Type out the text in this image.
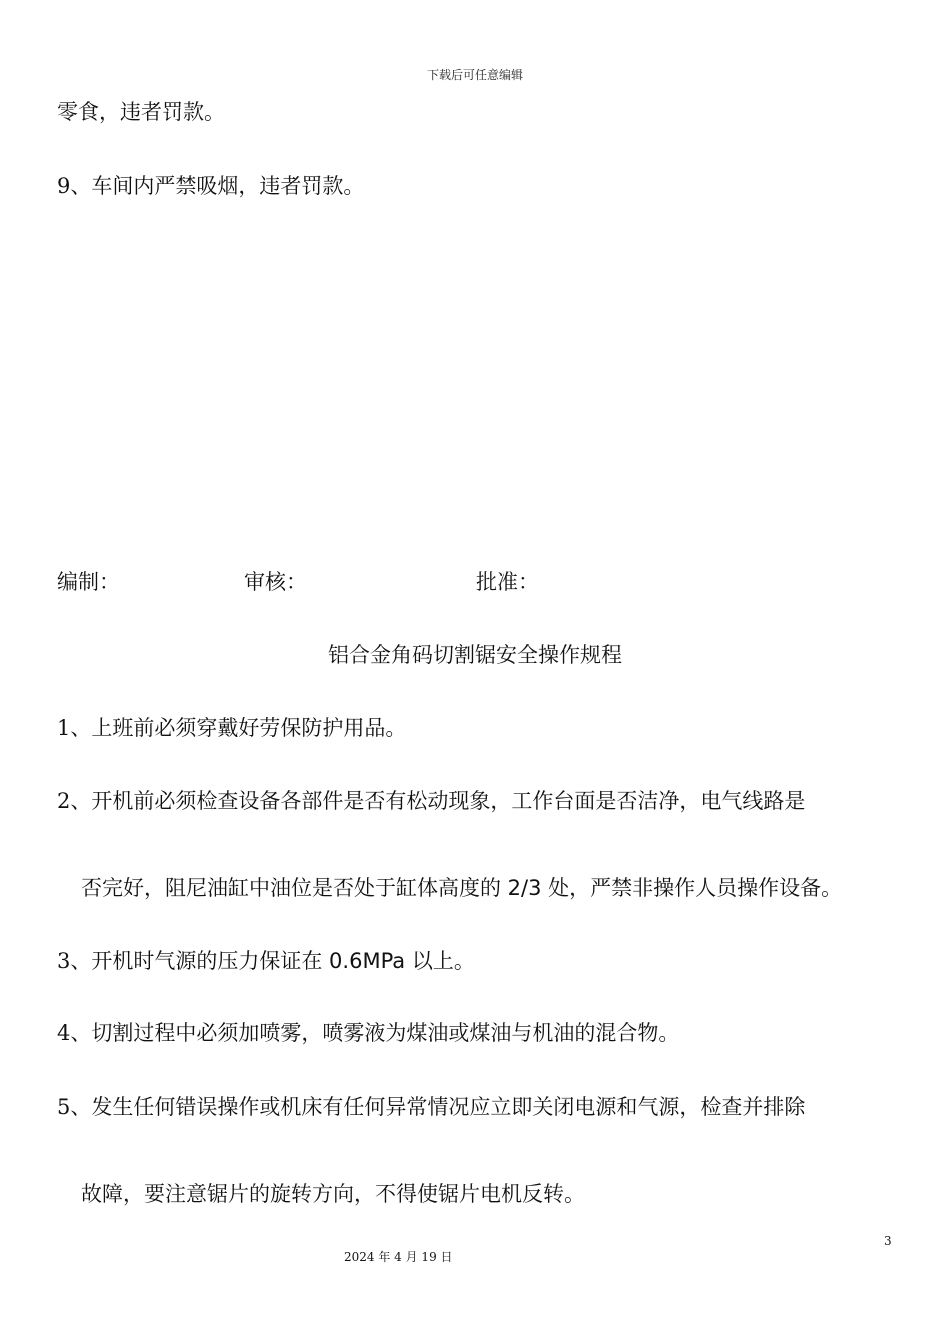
下载后可任意编辑
零食，违者罚款。
9、车间内严禁吸烟，违者罚款。
编制：	审核：	批准：
铝合金角码切割锯安全操作规程
1、上班前必须穿戴好劳保防护用品。
2、开机前必须检查设备各部件是否有松动现象，工作台面是否洁净，电气线路是
否完好，阻尼油缸中油位是否处于缸体高度的 2/3 处，严禁非操作人员操作设备。
3、开机时气源的压力保证在 0.6MPa 以上。
4、切割过程中必须加喷雾，喷雾液为煤油或煤油与机油的混合物。
5、发生任何错误操作或机床有任何异常情况应立即关闭电源和气源，检查并排除
故障，要注意锯片的旋转方向，不得使锯片电机反转。
3
2024 年 4 月 19 日
